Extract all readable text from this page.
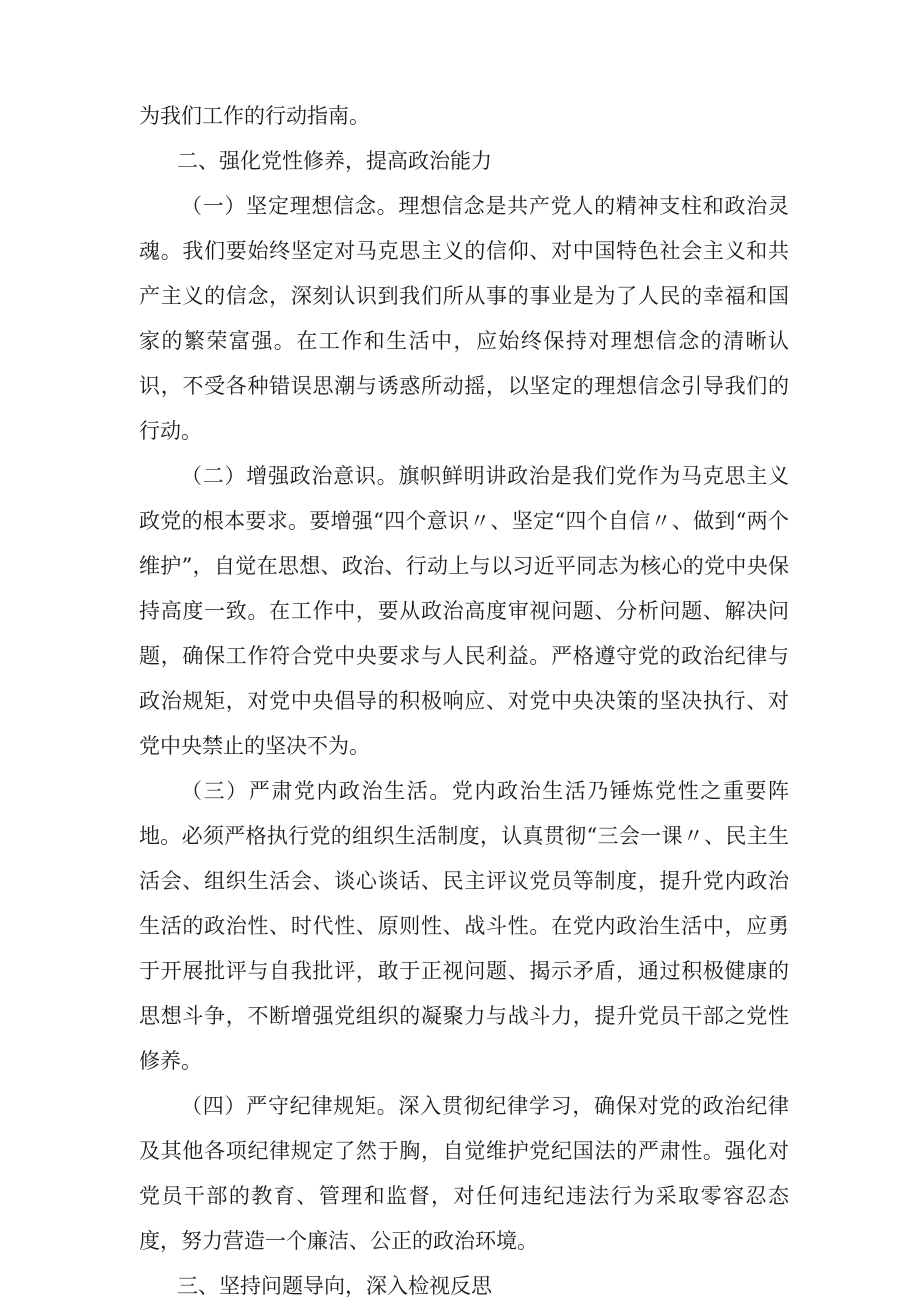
为我们工作的行动指南。

二、强化党性修养，提高政治能力

（一）坚定理想信念。理想信念是共产党人的精神支柱和政治灵魂。我们要始终坚定对马克思主义的信仰、对中国特色社会主义和共产主义的信念，深刻认识到我们所从事的事业是为了人民的幸福和国家的繁荣富强。在工作和生活中，应始终保持对理想信念的清晰认识，不受各种错误思潮与诱惑所动摇，以坚定的理想信念引导我们的行动。

（二）增强政治意识。旗帜鲜明讲政治是我们党作为马克思主义政党的根本要求。要增强“四个意识〃、坚定“四个自信〃、做到“两个维护”，自觉在思想、政治、行动上与以习近平同志为核心的党中央保持高度一致。在工作中，要从政治高度审视问题、分析问题、解决问题，确保工作符合党中央要求与人民利益。严格遵守党的政治纪律与政治规矩，对党中央倡导的积极响应、对党中央决策的坚决执行、对党中央禁止的坚决不为。

（三）严肃党内政治生活。党内政治生活乃锤炼党性之重要阵地。必须严格执行党的组织生活制度，认真贯彻“三会一课〃、民主生活会、组织生活会、谈心谈话、民主评议党员等制度，提升党内政治生活的政治性、时代性、原则性、战斗性。在党内政治生活中，应勇于开展批评与自我批评，敢于正视问题、揭示矛盾，通过积极健康的思想斗争，不断增强党组织的凝聚力与战斗力，提升党员干部之党性修养。

（四）严守纪律规矩。深入贯彻纪律学习，确保对党的政治纪律及其他各项纪律规定了然于胸，自觉维护党纪国法的严肃性。强化对党员干部的教育、管理和监督，对任何违纪违法行为采取零容忍态度，努力营造一个廉洁、公正的政治环境。

三、坚持问题导向，深入检视反思
